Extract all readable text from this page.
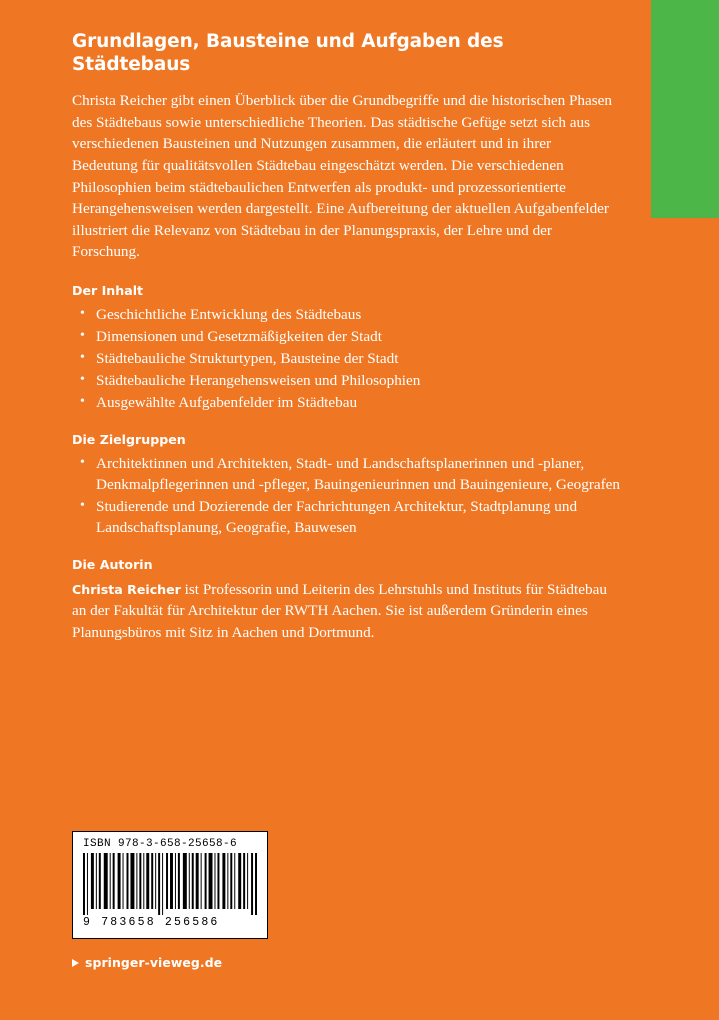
Grundlagen, Bausteine und Aufgaben des Städtebaus

Christa Reicher gibt einen Überblick über die Grundbegriffe und die historischen Phasen des Städtebaus sowie unterschiedliche Theorien. Das städtische Gefüge setzt sich aus verschiedenen Bausteinen und Nutzungen zusammen, die erläutert und in ihrer Bedeutung für qualitätsvollen Städtebau eingeschätzt werden. Die verschiedenen Philosophien beim städtebaulichen Entwerfen als produkt- und prozessorientierte Herangehensweisen werden dargestellt. Eine Aufbereitung der aktuellen Aufgabenfelder illustriert die Relevanz von Städtebau in der Planungspraxis, der Lehre und der Forschung.

Der Inhalt
• Geschichtliche Entwicklung des Städtebaus
• Dimensionen und Gesetzmäßigkeiten der Stadt
• Städtebauliche Strukturtypen, Bausteine der Stadt
• Städtebauliche Herangehensweisen und Philosophien
• Ausgewählte Aufgabenfelder im Städtebau
Die Zielgruppen
• Architektinnen und Architekten, Stadt- und Landschaftsplanerinnen und -planer, Denkmalpflegerinnen und -pfleger, Bauingenieurinnen und Bauingenieure, Geografen
• Studierende und Dozierende der Fachrichtungen Architektur, Stadtplanung und Landschaftsplanung, Geografie, Bauwesen
Die Autorin

Christa Reicher ist Professorin und Leiterin des Lehrstuhls und Instituts für Städtebau an der Fakultät für Architektur der RWTH Aachen. Sie ist außerdem Gründerin eines Planungsbüros mit Sitz in Aachen und Dortmund.

ISBN 978-3-658-25658-6
9 783658 256586
springer-vieweg.de
